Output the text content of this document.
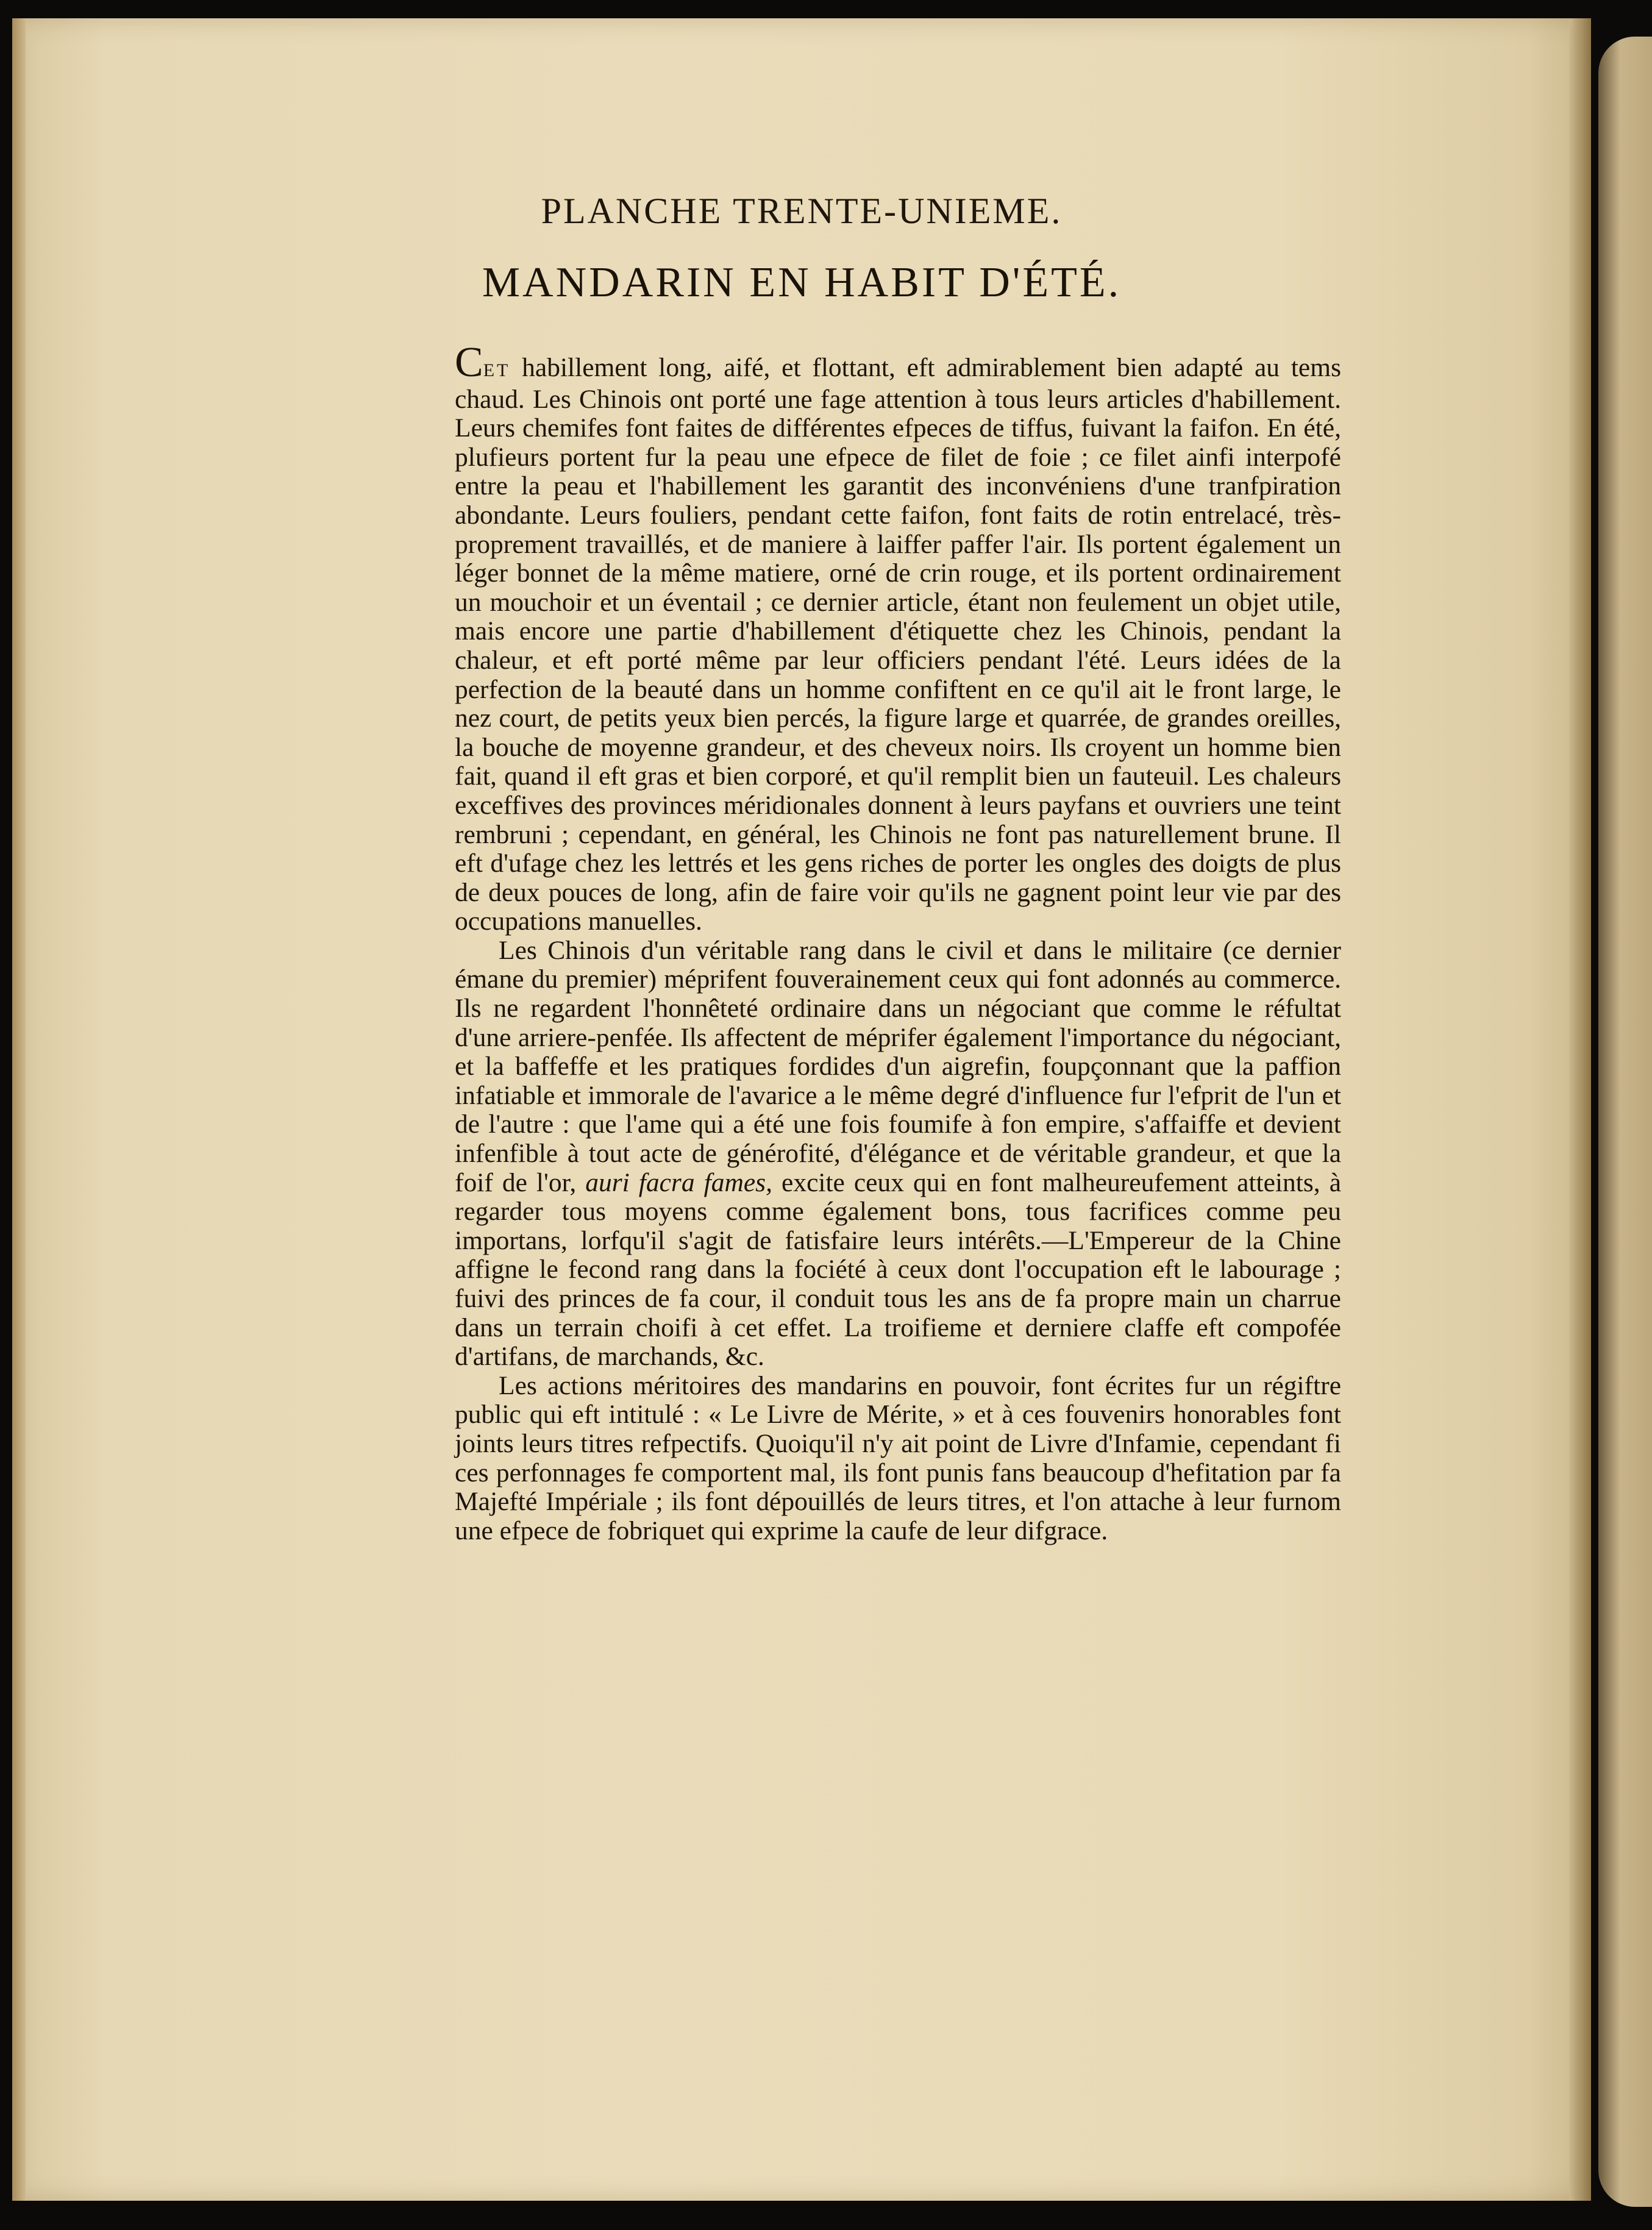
PLANCHE TRENTE-UNIEME.
MANDARIN EN HABIT D'ÉTÉ.

CET habillement long, aifé, et flottant, eft admirablement bien adapté au tems chaud. Les Chinois ont porté une fage attention à tous leurs articles d'habillement. Leurs chemifes font faites de différentes efpeces de tiffus, fuivant la faifon. En été, plufieurs portent fur la peau une efpece de filet de foie ; ce filet ainfi interpofé entre la peau et l'habillement les garantit des inconvéniens d'une tranfpiration abondante. Leurs fouliers, pendant cette faifon, font faits de rotin entrelacé, très-proprement travaillés, et de maniere à laiffer paffer l'air. Ils portent également un léger bonnet de la même matiere, orné de crin rouge, et ils portent ordinairement un mouchoir et un éventail ; ce dernier article, étant non feulement un objet utile, mais encore une partie d'habillement d'étiquette chez les Chinois, pendant la chaleur, et eft porté même par leur officiers pendant l'été. Leurs idées de la perfection de la beauté dans un homme confiftent en ce qu'il ait le front large, le nez court, de petits yeux bien percés, la figure large et quarrée, de grandes oreilles, la bouche de moyenne grandeur, et des cheveux noirs. Ils croyent un homme bien fait, quand il eft gras et bien corporé, et qu'il remplit bien un fauteuil. Les chaleurs exceffives des provinces méridionales donnent à leurs payfans et ouvriers une teint rembruni ; cependant, en général, les Chinois ne font pas naturellement brune. Il eft d'ufage chez les lettrés et les gens riches de porter les ongles des doigts de plus de deux pouces de long, afin de faire voir qu'ils ne gagnent point leur vie par des occupations manuelles.

Les Chinois d'un véritable rang dans le civil et dans le militaire (ce dernier émane du premier) méprifent fouverainement ceux qui font adonnés au commerce. Ils ne regardent l'honnêteté ordinaire dans un négociant que comme le réfultat d'une arriere-penfée. Ils affectent de méprifer également l'importance du négociant, et la baffeffe et les pratiques fordides d'un aigrefin, foupçonnant que la paffion infatiable et immorale de l'avarice a le même degré d'influence fur l'efprit de l'un et de l'autre : que l'ame qui a été une fois foumife à fon empire, s'affaiffe et devient infenfible à tout acte de générofité, d'élégance et de véritable grandeur, et que la foif de l'or, auri facra fames, excite ceux qui en font malheureufement atteints, à regarder tous moyens comme également bons, tous facrifices comme peu importans, lorfqu'il s'agit de fatisfaire leurs intérêts.—L'Empereur de la Chine affigne le fecond rang dans la fociété à ceux dont l'occupation eft le labourage ; fuivi des princes de fa cour, il conduit tous les ans de fa propre main un charrue dans un terrain choifi à cet effet. La troifieme et derniere claffe eft compofée d'artifans, de marchands, &c.

Les actions méritoires des mandarins en pouvoir, font écrites fur un régiftre public qui eft intitulé : « Le Livre de Mérite, » et à ces fouvenirs honorables font joints leurs titres refpectifs. Quoiqu'il n'y ait point de Livre d'Infamie, cependant fi ces perfonnages fe comportent mal, ils font punis fans beaucoup d'hefitation par fa Majefté Impériale ; ils font dépouillés de leurs titres, et l'on attache à leur furnom une efpece de fobriquet qui exprime la caufe de leur difgrace.
